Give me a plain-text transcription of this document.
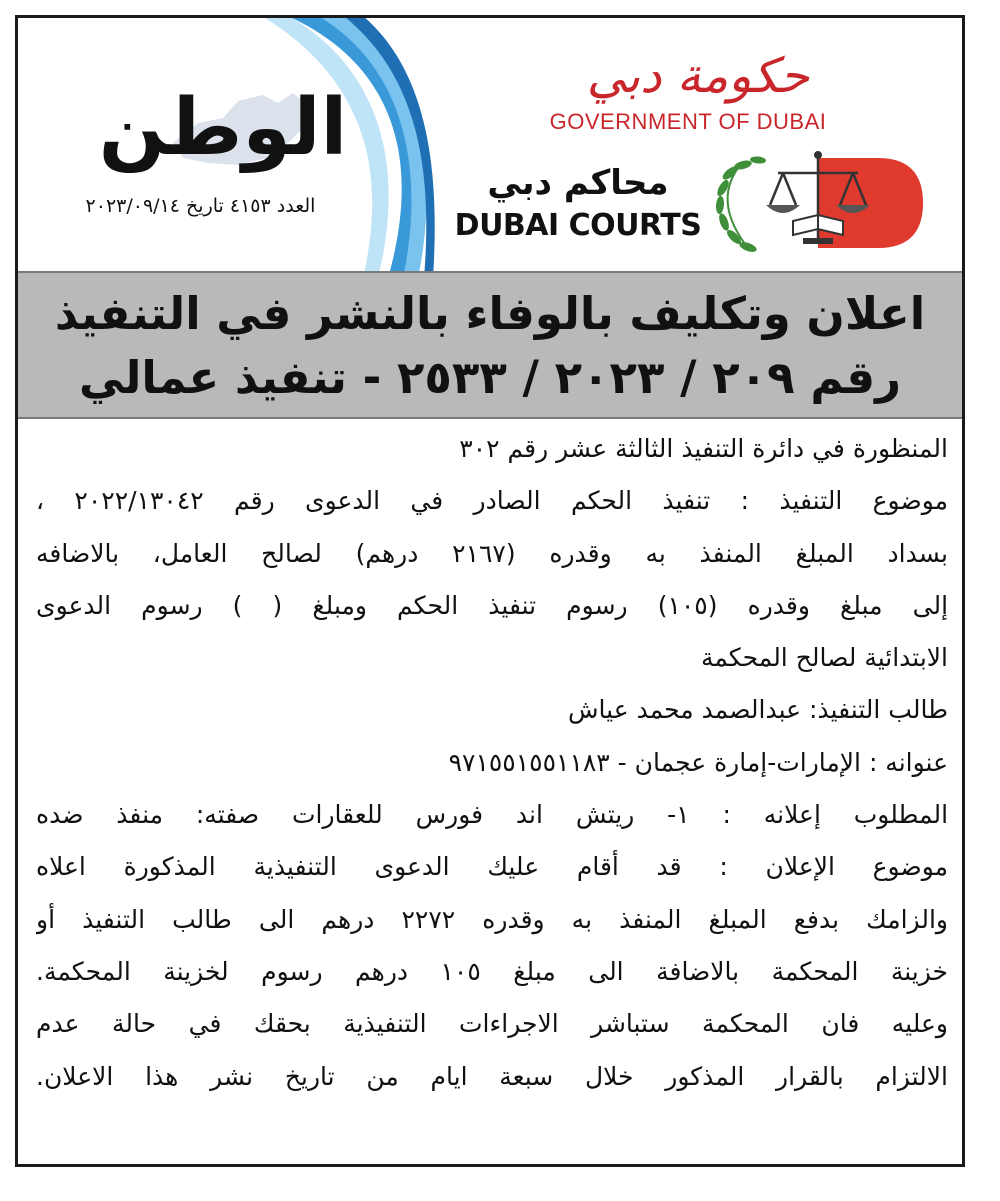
الوطن
العدد ٤١٥٣ تاريخ ٢٠٢٣/٠٩/١٤
حكومة دبي
GOVERNMENT OF DUBAI
محاكم دبي
DUBAI COURTS
اعلان وتكليف بالوفاء بالنشر في التنفيذ
رقم ٢٠٩ / ٢٠٢٣ / ٢٥٣٣ - تنفيذ عمالي
المنظورة في دائرة التنفيذ الثالثة عشر رقم ٣٠٢
موضوع التنفيذ : تنفيذ الحكم الصادر في الدعوى رقم ٢٠٢٢/١٣٠٤٢ ،
بسداد المبلغ المنفذ به وقدره (٢١٦٧ درهم) لصالح العامل، بالاضافه
إلى مبلغ وقدره (١٠٥) رسوم تنفيذ الحكم ومبلغ ( ) رسوم الدعوى
الابتدائية لصالح المحكمة
طالب التنفيذ: عبدالصمد محمد عياش
عنوانه : الإمارات-إمارة عجمان - ٩٧١٥٥١٥٥١١٨٣
المطلوب إعلانه : ١- ريتش اند فورس للعقارات صفته: منفذ ضده
موضوع الإعلان : قد أقام عليك الدعوى التنفيذية المذكورة اعلاه
والزامك بدفع المبلغ المنفذ به وقدره ٢٢٧٢ درهم الى طالب التنفيذ أو
خزينة المحكمة بالاضافة الى مبلغ ١٠٥ درهم رسوم لخزينة المحكمة.
وعليه فان المحكمة ستباشر الاجراءات التنفيذية بحقك في حالة عدم
الالتزام بالقرار المذكور خلال سبعة ايام من تاريخ نشر هذا الاعلان.
